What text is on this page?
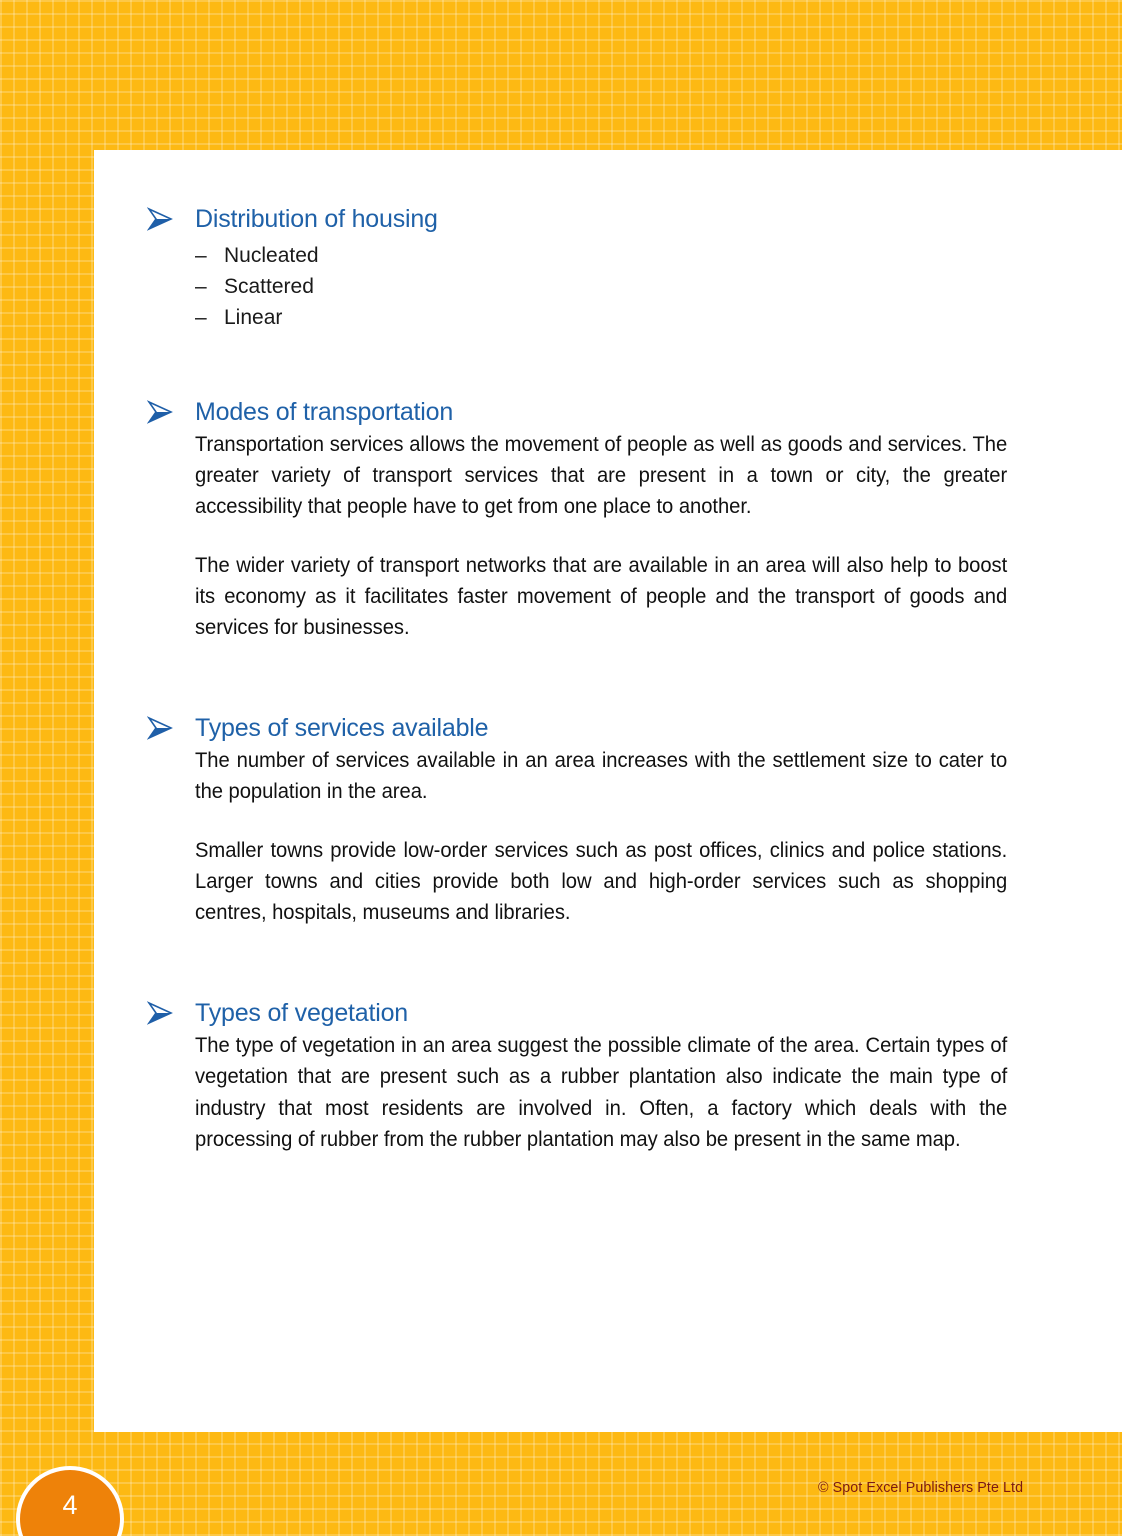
Distribution of housing
– Nucleated
– Scattered
– Linear
Modes of transportation

Transportation services allows the movement of people as well as goods and services. The greater variety of transport services that are present in a town or city, the greater accessibility that people have to get from one place to another.

The wider variety of transport networks that are available in an area will also help to boost its economy as it facilitates faster movement of people and the transport of goods and services for businesses.

Types of services available

The number of services available in an area increases with the settlement size to cater to the population in the area.

Smaller towns provide low-order services such as post offices, clinics and police stations. Larger towns and cities provide both low and high-order services such as shopping centres, hospitals, museums and libraries.

Types of vegetation

The type of vegetation in an area suggest the possible climate of the area. Certain types of vegetation that are present such as a rubber plantation also indicate the main type of industry that most residents are involved in. Often, a factory which deals with the processing of rubber from the rubber plantation may also be present in the same map.

© Spot Excel Publishers Pte Ltd
4
